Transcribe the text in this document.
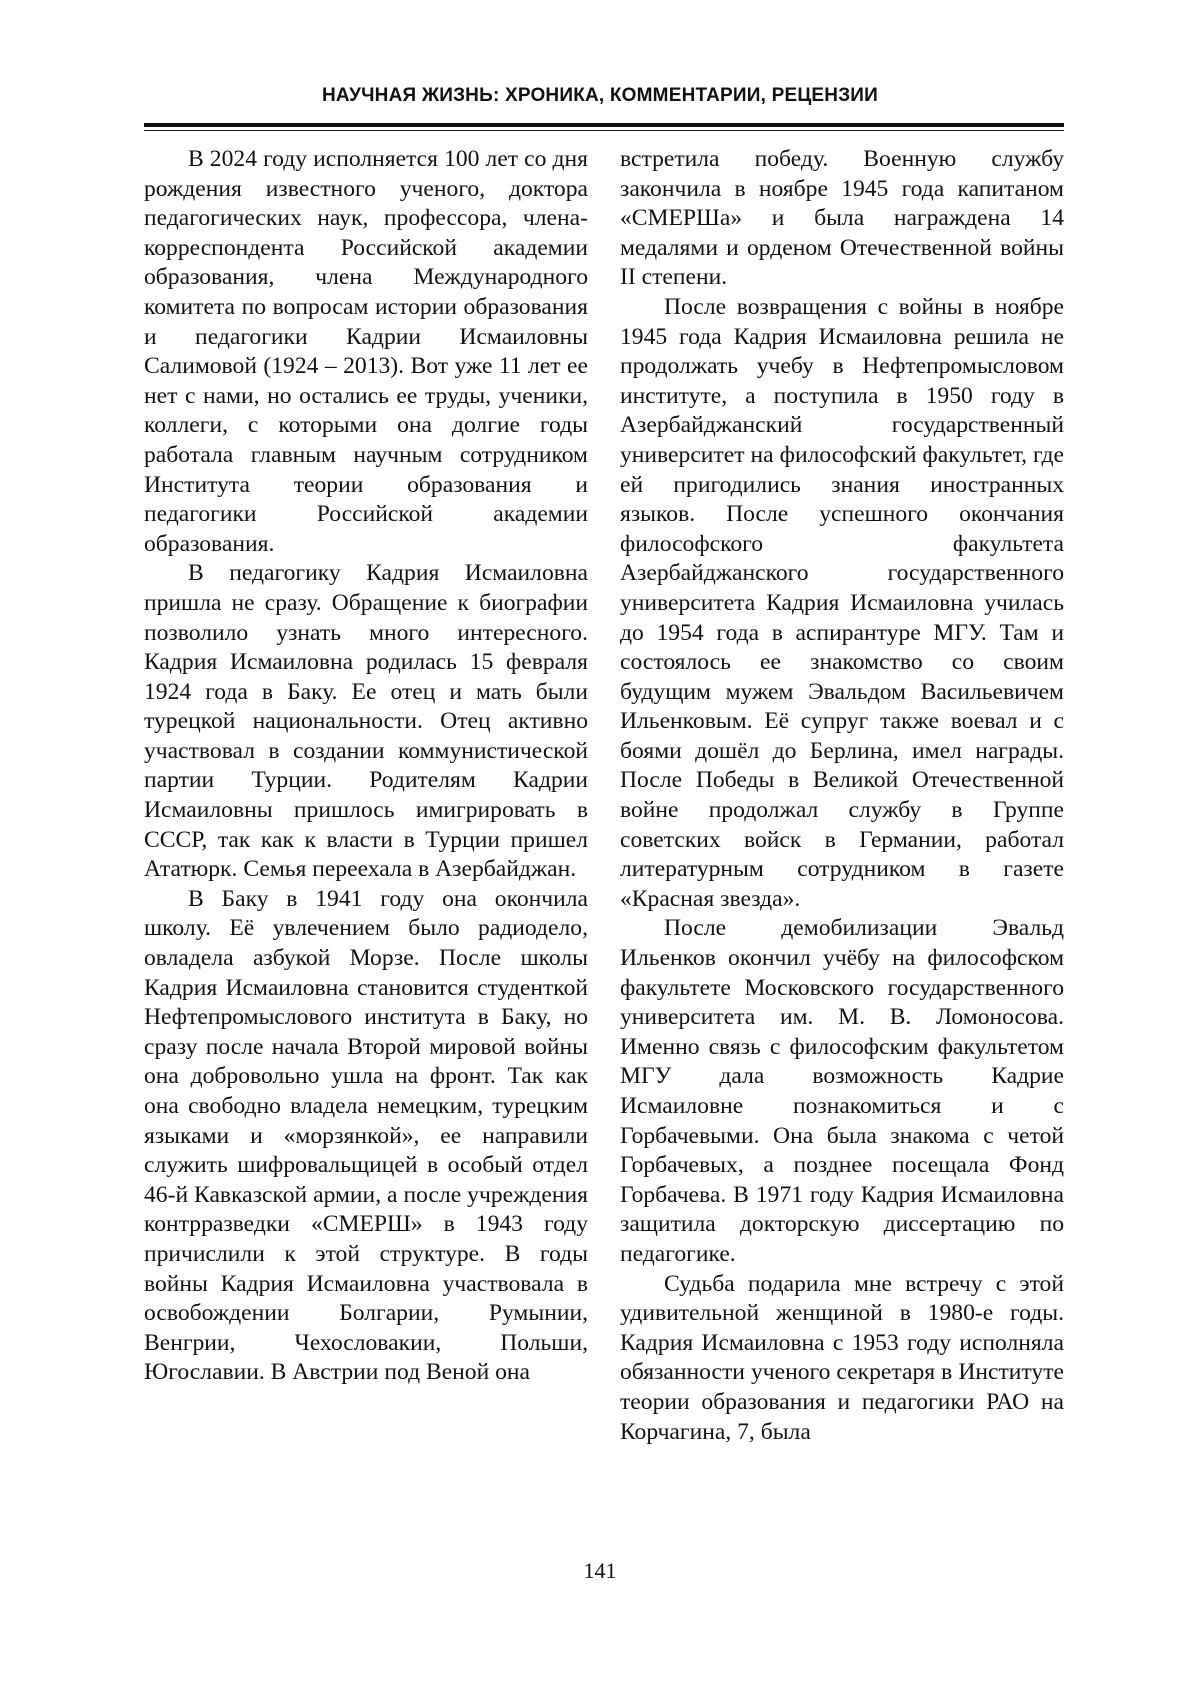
НАУЧНАЯ ЖИЗНЬ: ХРОНИКА, КОММЕНТАРИИ, РЕЦЕНЗИИ

В 2024 году исполняется 100 лет со дня рождения известного ученого, доктора педагогических наук, профессора, члена-корреспондента Российской академии образования, члена Международного комитета по вопросам истории образования и педагогики Кадрии Исмаиловны Салимовой (1924 – 2013). Вот уже 11 лет ее нет с нами, но остались ее труды, ученики, коллеги, с которыми она долгие годы работала главным научным сотрудником Института теории образования и педагогики Российской академии образования.

В педагогику Кадрия Исмаиловна пришла не сразу. Обращение к биографии позволило узнать много интересного. Кадрия Исмаиловна родилась 15 февраля 1924 года в Баку. Ее отец и мать были турецкой национальности. Отец активно участвовал в создании коммунистической партии Турции. Родителям Кадрии Исмаиловны пришлось имигрировать в СССР, так как к власти в Турции пришел Ататюрк. Семья переехала в Азербайджан.

В Баку в 1941 году она окончила школу. Её увлечением было радиодело, овладела азбукой Морзе. После школы Кадрия Исмаиловна становится студенткой Нефтепромыслового института в Баку, но сразу после начала Второй мировой войны она добровольно ушла на фронт. Так как она свободно владела немецким, турецким языками и «морзянкой», ее направили служить шифровальщицей в особый отдел 46-й Кавказской армии, а после учреждения контрразведки «СМЕРШ» в 1943 году причислили к этой структуре. В годы войны Кадрия Исмаиловна участвовала в освобождении Болгарии, Румынии, Венгрии, Чехословакии, Польши, Югославии. В Австрии под Веной она

встретила победу. Военную службу закончила в ноябре 1945 года капитаном «СМЕРШа» и была награждена 14 медалями и орденом Отечественной войны II степени.

После возвращения с войны в ноябре 1945 года Кадрия Исмаиловна решила не продолжать учебу в Нефтепромысловом институте, а поступила в 1950 году в Азербайджанский государственный университет на философский факультет, где ей пригодились знания иностранных языков. После успешного окончания философского факультета Азербайджанского государственного университета Кадрия Исмаиловна училась до 1954 года в аспирантуре МГУ. Там и состоялось ее знакомство со своим будущим мужем Эвальдом Васильевичем Ильенковым. Её супруг также воевал и с боями дошёл до Берлина, имел награды. После Победы в Великой Отечественной войне продолжал службу в Группе советских войск в Германии, работал литературным сотрудником в газете «Красная звезда».

После демобилизации Эвальд Ильенков окончил учёбу на философском факультете Московского государственного университета им. М. В. Ломоносова. Именно связь с философским факультетом МГУ дала возможность Кадрие Исмаиловне познакомиться и с Горбачевыми. Она была знакома с четой Горбачевых, а позднее посещала Фонд Горбачева. В 1971 году Кадрия Исмаиловна защитила докторскую диссертацию по педагогике.

Судьба подарила мне встречу с этой удивительной женщиной в 1980-е годы. Кадрия Исмаиловна с 1953 году исполняла обязанности ученого секретаря в Институте теории образования и педагогики РАО на Корчагина, 7, была

141
